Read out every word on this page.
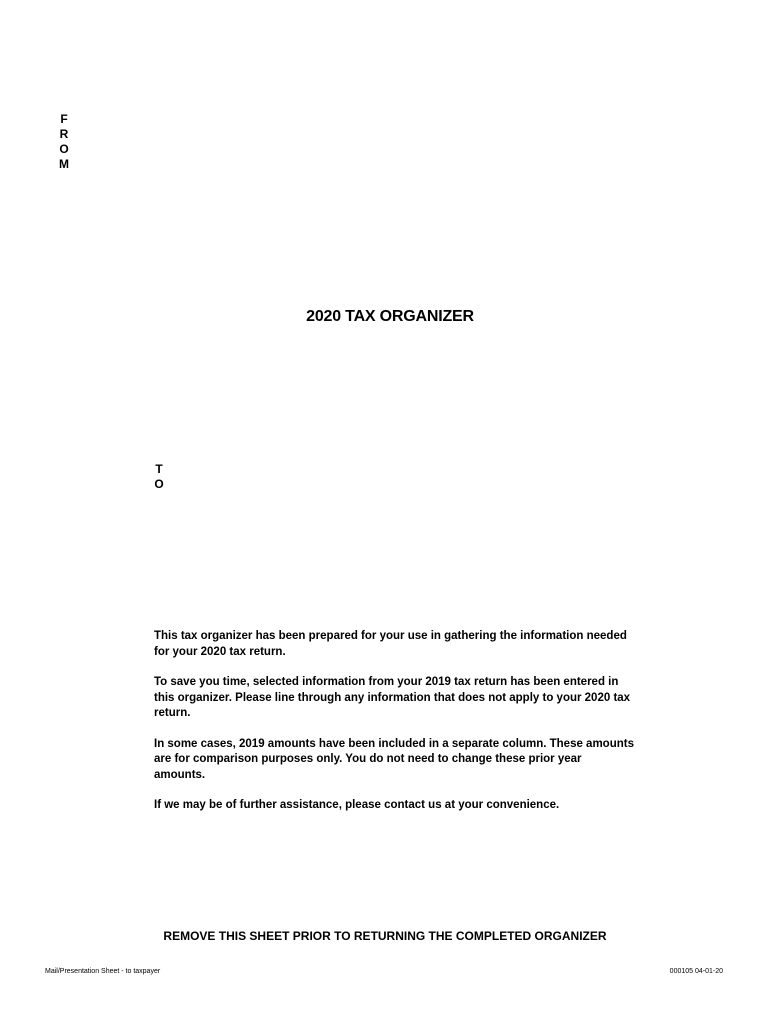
F
R
O
M
2020 TAX ORGANIZER
T
O

This tax organizer has been prepared for your use in gathering the information needed for your 2020 tax return.

To save you time, selected information from your 2019 tax return has been entered in this organizer. Please line through any information that does not apply to your 2020 tax return.

In some cases, 2019 amounts have been included in a separate column. These amounts are for comparison purposes only. You do not need to change these prior year amounts.

If we may be of further assistance, please contact us at your convenience.

REMOVE THIS SHEET PRIOR TO RETURNING THE COMPLETED ORGANIZER
Mail/Presentation Sheet - to taxpayer	000105 04-01-20
